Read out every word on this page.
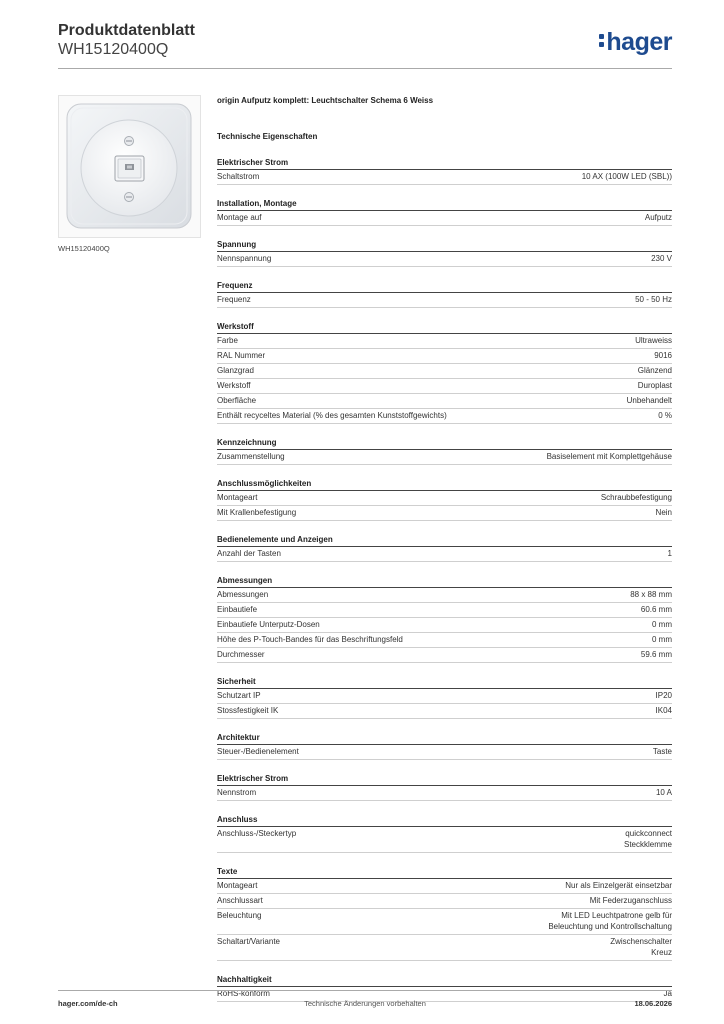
Produktdatenblatt
WH15120400Q	hager
WH15120400Q
origin Aufputz komplett: Leuchtschalter Schema 6 Weiss
Technische Eigenschaften
Elektrischer Strom
Schaltstrom	10 AX (100W LED (SBL))
Installation, Montage
Montage auf	Aufputz
Spannung
Nennspannung	230 V
Frequenz
Frequenz	50 - 50 Hz
Werkstoff
Farbe	Ultraweiss
RAL Nummer	9016
Glanzgrad	Glänzend
Werkstoff	Duroplast
Oberfläche	Unbehandelt
Enthält recyceltes Material (% des gesamten Kunststoffgewichts)	0 %
Kennzeichnung
Zusammenstellung	Basiselement mit Komplettgehäuse
Anschlussmöglichkeiten
Montageart	Schraubbefestigung
Mit Krallenbefestigung	Nein
Bedienelemente und Anzeigen
Anzahl der Tasten	1
Abmessungen
Abmessungen	88 x 88 mm
Einbautiefe	60.6 mm
Einbautiefe Unterputz-Dosen	0 mm
Höhe des P-Touch-Bandes für das Beschriftungsfeld	0 mm
Durchmesser	59.6 mm
Sicherheit
Schutzart IP	IP20
Stossfestigkeit IK	IK04
Architektur
Steuer-/Bedienelement	Taste
Elektrischer Strom
Nennstrom	10 A
Anschluss
Anschluss-/Steckertyp	quickconnect
Steckklemme
Texte
Montageart	Nur als Einzelgerät einsetzbar
Anschlussart	Mit Federzuganschluss
Beleuchtung	Mit LED Leuchtpatrone gelb für
Beleuchtung und Kontrollschaltung
Schaltart/Variante	Zwischenschalter
Kreuz
Nachhaltigkeit
RoHS-konform	Ja
hager.com/de-ch	Technische Änderungen vorbehalten	18.06.2026
